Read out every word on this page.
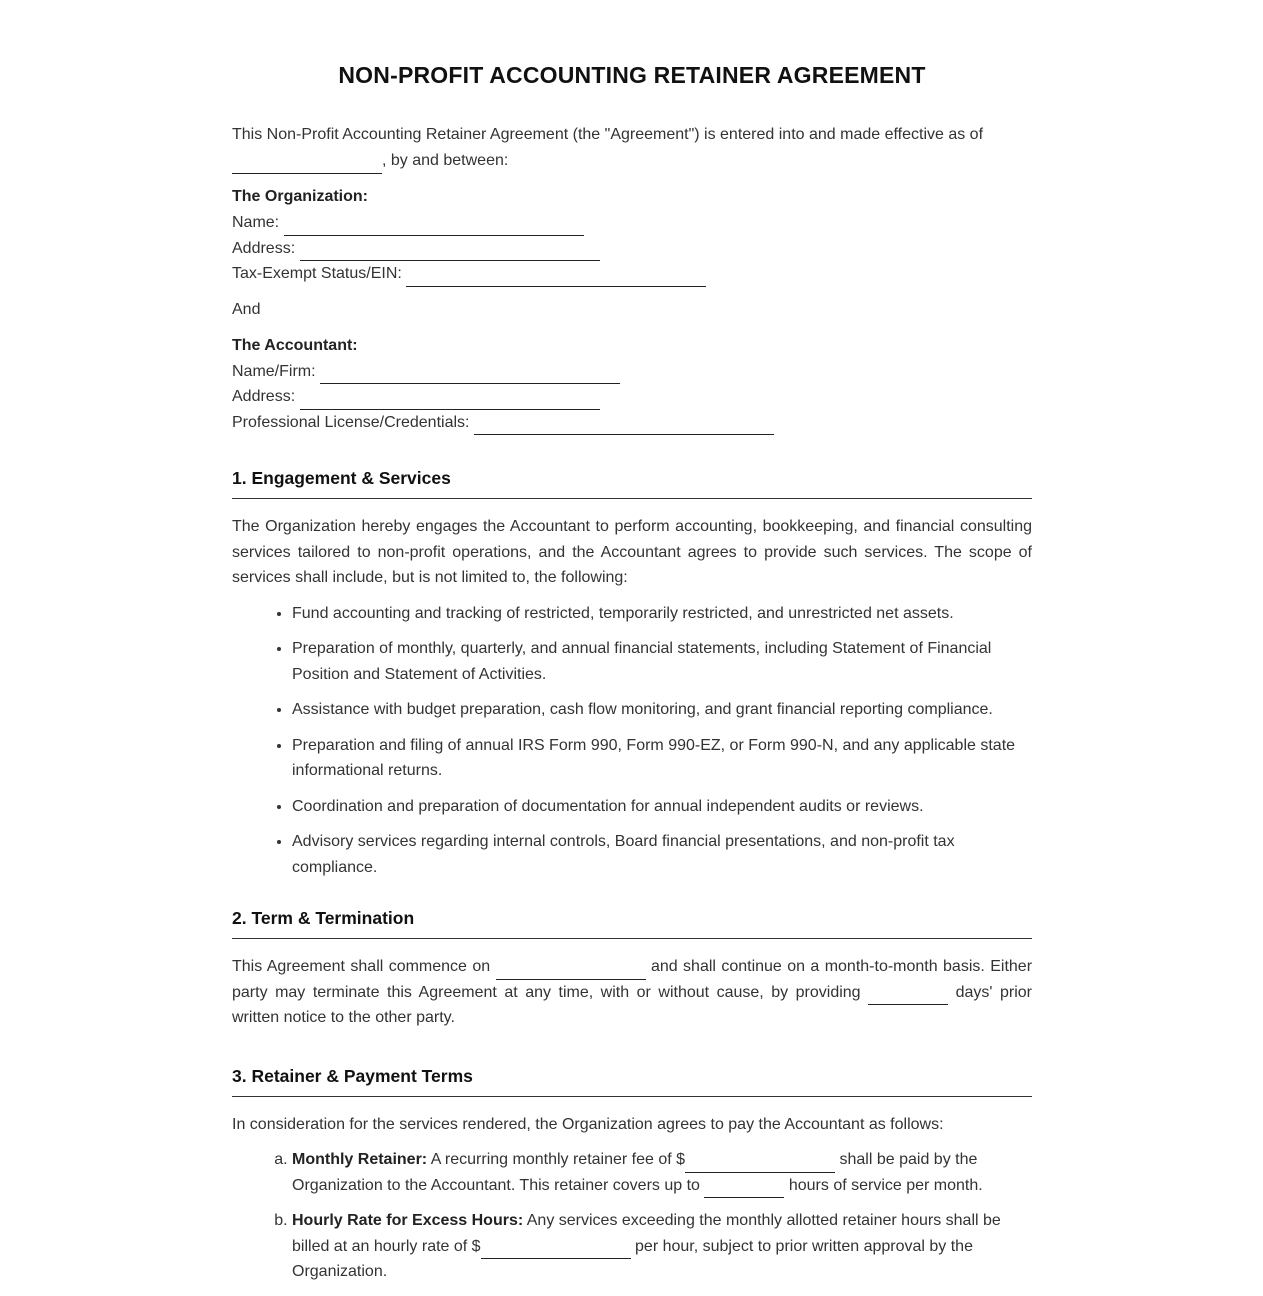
NON-PROFIT ACCOUNTING RETAINER AGREEMENT
This Non-Profit Accounting Retainer Agreement (the "Agreement") is entered into and made effective as of
, by and between:
The Organization:
Name:
Address:
Tax-Exempt Status/EIN:
And
The Accountant:
Name/Firm:
Address:
Professional License/Credentials:
1. Engagement & Services
The Organization hereby engages the Accountant to perform accounting, bookkeeping, and financial consulting services tailored to non-profit operations, and the Accountant agrees to provide such services. The scope of services shall include, but is not limited to, the following:
• Fund accounting and tracking of restricted, temporarily restricted, and unrestricted net assets.
• Preparation of monthly, quarterly, and annual financial statements, including Statement of Financial Position and Statement of Activities.
• Assistance with budget preparation, cash flow monitoring, and grant financial reporting compliance.
• Preparation and filing of annual IRS Form 990, Form 990-EZ, or Form 990-N, and any applicable state informational returns.
• Coordination and preparation of documentation for annual independent audits or reviews.
• Advisory services regarding internal controls, Board financial presentations, and non-profit tax compliance.
2. Term & Termination
This Agreement shall commence on	and shall continue on a month-to-month basis. Either party may terminate this Agreement at any time, with or without cause, by providing	days' prior written notice to the other party.
3. Retainer & Payment Terms
In consideration for the services rendered, the Organization agrees to pay the Accountant as follows:
a. Monthly Retainer: A recurring monthly retainer fee of $	shall be paid by the Organization to the Accountant. This retainer covers up to	hours of service per month.
b. Hourly Rate for Excess Hours: Any services exceeding the monthly allotted retainer hours shall be billed at an hourly rate of $	per hour, subject to prior written approval by the Organization.
